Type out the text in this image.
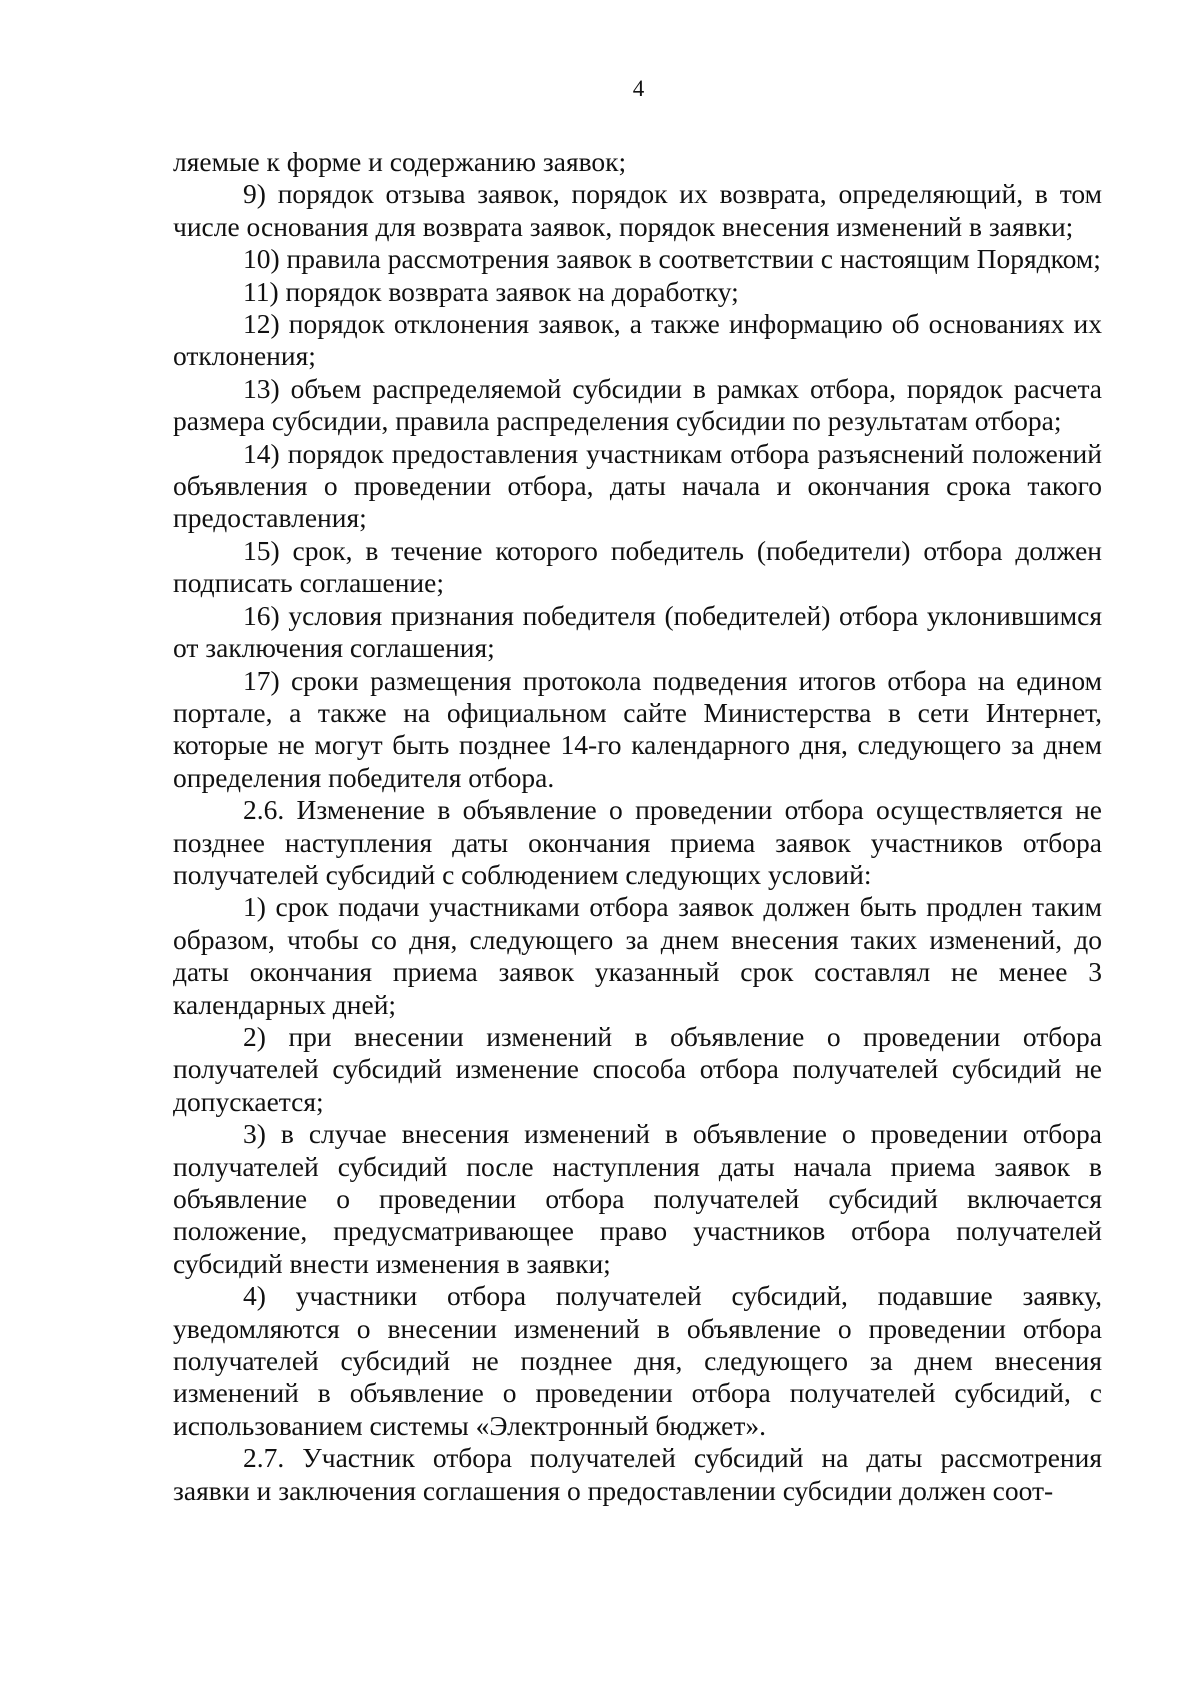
4

ляемые к форме и содержанию заявок;

9) порядок отзыва заявок, порядок их возврата, определяющий, в том числе основания для возврата заявок, порядок внесения изменений в заявки;

10) правила рассмотрения заявок в соответствии с настоящим Порядком;

11) порядок возврата заявок на доработку;

12) порядок отклонения заявок, а также информацию об основаниях их отклонения;

13) объем распределяемой субсидии в рамках отбора, порядок расчета размера субсидии, правила распределения субсидии по результатам отбора;

14) порядок предоставления участникам отбора разъяснений положений объявления о проведении отбора, даты начала и окончания срока такого предоставления;

15) срок, в течение которого победитель (победители) отбора должен подписать соглашение;

16) условия признания победителя (победителей) отбора уклонившимся от заключения соглашения;

17) сроки размещения протокола подведения итогов отбора на едином портале, а также на официальном сайте Министерства в сети Интернет, которые не могут быть позднее 14-го календарного дня, следующего за днем определения победителя отбора.

2.6. Изменение в объявление о проведении отбора осуществляется не позднее наступления даты окончания приема заявок участников отбора получателей субсидий с соблюдением следующих условий:

1) срок подачи участниками отбора заявок должен быть продлен таким образом, чтобы со дня, следующего за днем внесения таких изменений, до даты окончания приема заявок указанный срок составлял не менее 3 календарных дней;

2) при внесении изменений в объявление о проведении отбора получателей субсидий изменение способа отбора получателей субсидий не допускается;

3) в случае внесения изменений в объявление о проведении отбора получателей субсидий после наступления даты начала приема заявок в объявление о проведении отбора получателей субсидий включается положение, предусматривающее право участников отбора получателей субсидий внести изменения в заявки;

4) участники отбора получателей субсидий, подавшие заявку, уведомляются о внесении изменений в объявление о проведении отбора получателей субсидий не позднее дня, следующего за днем внесения изменений в объявление о проведении отбора получателей субсидий, с использованием системы «Электронный бюджет».

2.7. Участник отбора получателей субсидий на даты рассмотрения заявки и заключения соглашения о предоставлении субсидии должен соот-
